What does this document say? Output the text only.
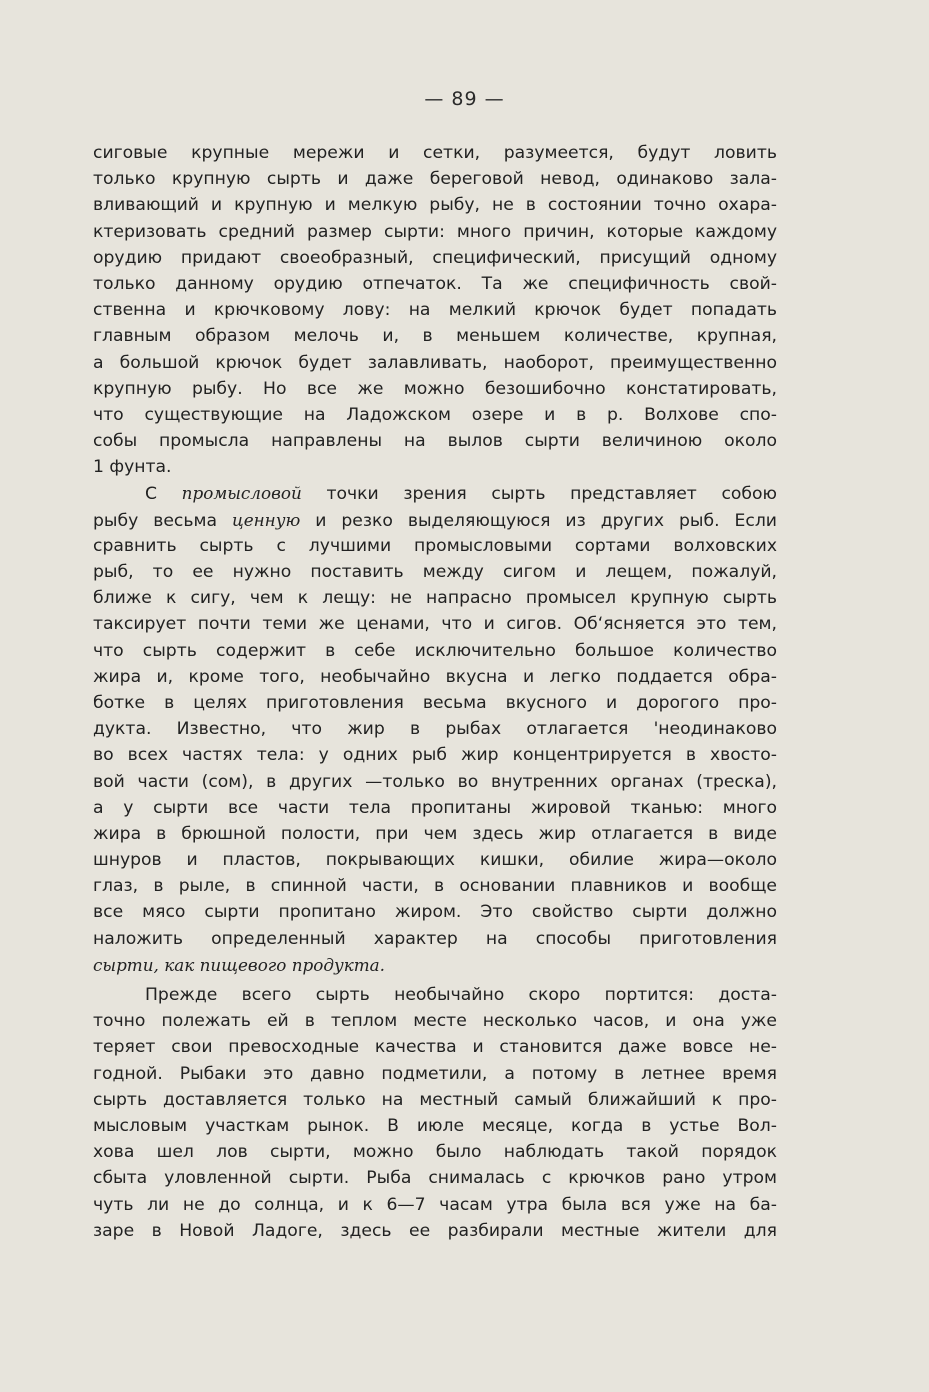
— 89 —
сиговые крупные мережи и сетки, разумеется, будут ловить
только крупную сырть и даже береговой невод, одинаково зала-
вливающий и крупную и мелкую рыбу, не в состоянии точно охара-
ктеризовать средний размер сырти: много причин, которые каждому
орудию придают своеобразный, специфический, присущий одному
только данному орудию отпечаток. Та же специфичность свой-
ственна и крючковому лову: на мелкий крючок будет попадать
главным образом мелочь и, в меньшем количестве, крупная,
а большой крючок будет залавливать, наоборот, преимущественно
крупную рыбу. Но все же можно безошибочно констатировать,
что существующие на Ладожском озере и в р. Волхове спо-
собы промысла направлены на вылов сырти величиною около
1 фунта.
С промысловой точки зрения сырть представляет собою
рыбу весьма ценную и резко выделяющуюся из других рыб. Если
сравнить сырть с лучшими промысловыми сортами волховских
рыб, то ее нужно поставить между сигом и лещем, пожалуй,
ближе к сигу, чем к лещу: не напрасно промысел крупную сырть
таксирует почти теми же ценами, что и сигов. Об‘ясняется это тем,
что сырть содержит в себе исключительно большое количество
жира и, кроме того, необычайно вкусна и легко поддается обра-
ботке в целях приготовления весьма вкусного и дорогого про-
дукта. Известно, что жир в рыбах отлагается 'неодинаково
во всех частях тела: у одних рыб жир концентрируется в хвосто-
вой части (сом), в других —только во внутренних органах (треска),
а у сырти все части тела пропитаны жировой тканью: много
жира в брюшной полости, при чем здесь жир отлагается в виде
шнуров и пластов, покрывающих кишки, обилие жира—около
глаз, в рыле, в спинной части, в основании плавников и вообще
все мясо сырти пропитано жиром. Это свойство сырти должно
наложить определенный характер на способы приготовления
сырти, как пищевого продукта.
Прежде всего сырть необычайно скоро портится: доста-
точно полежать ей в теплом месте несколько часов, и она уже
теряет свои превосходные качества и становится даже вовсе не-
годной. Рыбаки это давно подметили, а потому в летнее время
сырть доставляется только на местный самый ближайший к про-
мысловым участкам рынок. В июле месяце, когда в устье Вол-
хова шел лов сырти, можно было наблюдать такой порядок
сбыта уловленной сырти. Рыба снималась с крючков рано утром
чуть ли не до солнца, и к 6—7 часам утра была вся уже на ба-
заре в Новой Ладоге, здесь ее разбирали местные жители для
